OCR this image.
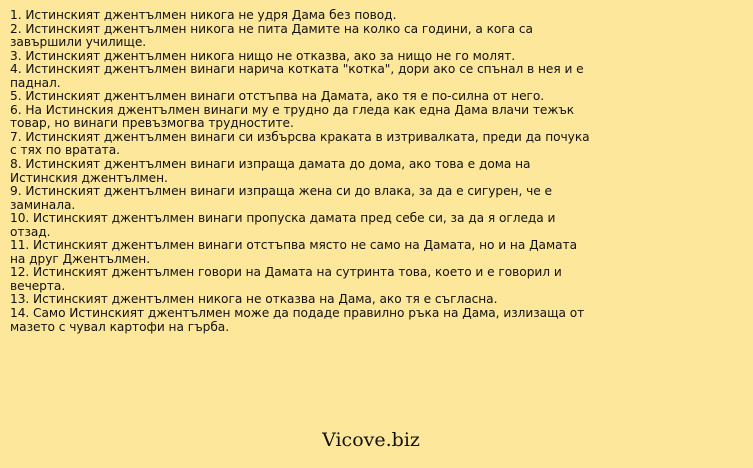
1. Истинският джентълмен никога не удря Дама без повод.
2. Истинският джентълмен никога не пита Дамите на колко са години, а кога са завършили училище.
3. Истинският джентълмен никога нищо не отказва, ако за нищо не го молят.
4. Истинският джентълмен винаги нарича котката "котка", дори ако се спънал в нея и е паднал.
5. Истинският джентълмен винаги отстъпва на Дамата, ако тя е по-силна от него.
6. На Истинския джентълмен винаги му е трудно да гледа как една Дама влачи тежък товар, но винаги превъзмогва трудностите.
7. Истинският джентълмен винаги си избърсва краката в изтривалката, преди да почука с тях по вратата.
8. Истинският джентълмен винаги изпраща дамата до дома, ако това е дома на Истинския джентълмен.
9. Истинският джентълмен винаги изпраща жена си до влака, за да е сигурен, че е заминала.
10. Истинският джентълмен винаги пропуска дамата пред себе си, за да я огледа и отзад.
11. Истинският джентълмен винаги отстъпва място не само на Дамата, но и на Дамата на друг Джентълмен.
12. Истинският джентълмен говори на Дамата на сутринта това, което и е говорил и вечерта.
13. Истинският джентълмен никога не отказва на Дама, ако тя е съгласна.
14. Само Истинският джентълмен може да подаде правилно ръка на Дама, излизаща от мазето с чувал картофи на гърба.
Vicove.biz
